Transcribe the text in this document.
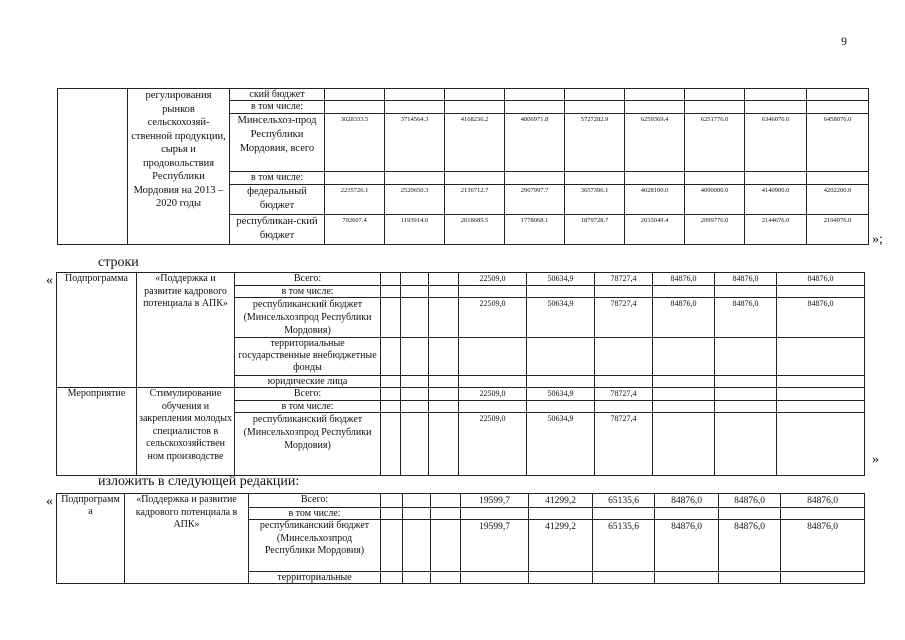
9
	регулирования рынков сельскохозяй-ственной продукции, сырья и продовольствия Республики Мордовия на 2013 – 2020 годы	ский бюджет									
		в том числе:									
		Минсельхоз-прод Республики Мордовия, всего	3028333.5	3714564.3	4168236.2	4806971.8	5727282.9	6259369.4	6251776.0	6346076.0	6458076.0
		в том числе:									
		федеральный бюджет	2235726.1	2520650.3	2136712.7	2967997.7	3657396.1	4028100.0	4090000.0	4140900.0	4202200.0
		республикан-ский бюджет	792607.4	1193914.0	2018685.5	1778068.1	1879728.7	2033049.4	2099776.0	2144676.0	2194076.0
»;
строки
« Подпрограмма	«Поддержка и развитие кадрового потенциала в АПК»	Всего:				22509,0	50634,9	78727,4	84876,0	84876,0	84876,0
		в том числе:									
		республиканский бюджет (Минсельхозпрод Республики Мордовия)				22509,0	50634,9	78727,4	84876,0	84876,0	84876,0
		территориальные государственные внебюджетные фонды									
		юридические лица									
Мероприятие	Стимулирование обучения и закрепления молодых специалистов в сельскохозяйствен ном производстве	Всего:				22509,0	50634,9	78727,4			
		в том числе:									
		республиканский бюджет (Минсельхозпрод Республики Мордовия)				22509,0	50634,9	78727,4			
»
изложить в следующей редакции:
« Подпрограмм а	«Поддержка и развитие кадрового потенциала в АПК»	Всего:				19599,7	41299,2	65135,6	84876,0	84876,0	84876,0
		в том числе:									
		республиканский бюджет (Минсельхозпрод Республики Мордовия)				19599,7	41299,2	65135,6	84876,0	84876,0	84876,0
		территориальные									
